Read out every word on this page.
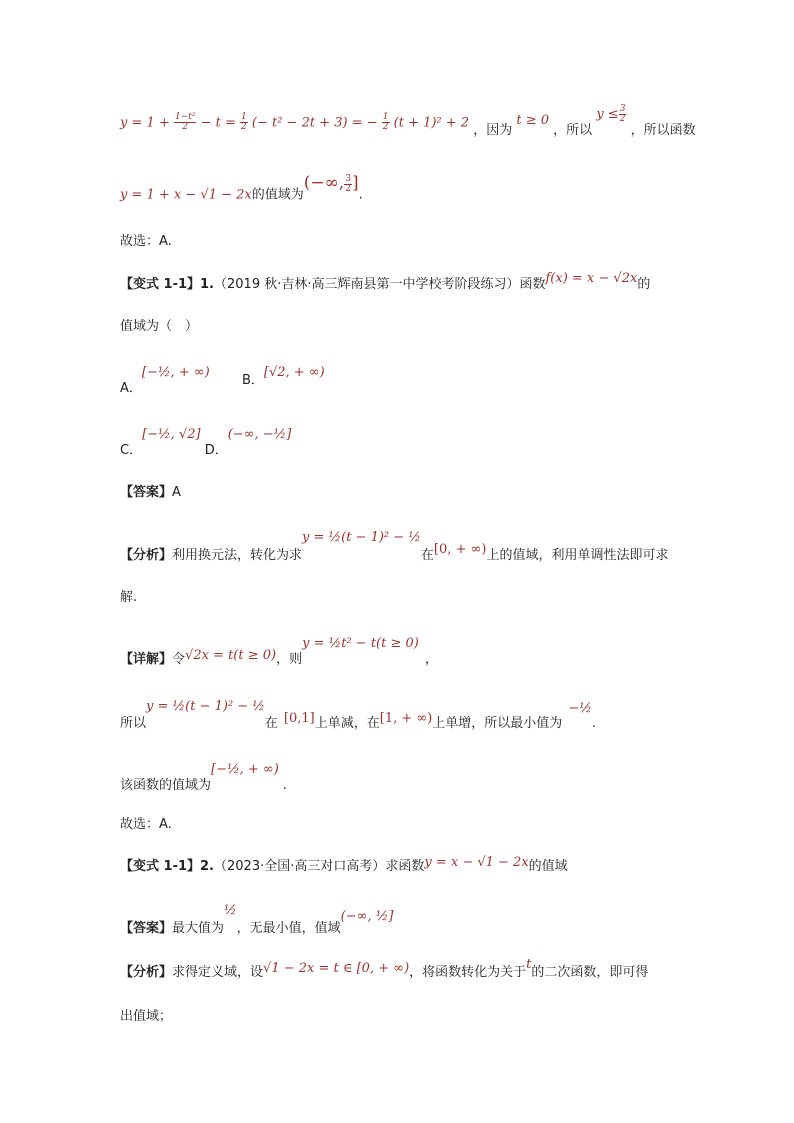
$y = 1 + \frac{\text{1−t²}}{2} - t = \frac{1}{2}$ (− t² − 2t + 3) = − $\frac{1}{2} (t + 1)^2 + 2$ ，因为 t ≥ 0 ，所以 $y \le \frac{3}{2}$
，所以函数
y = 1 + x − √1 − 2x的值域为(−∞, $\frac{3}{2}$ ].
故选：A.
【变式 1-1】1.（2019 秋·吉林·高三辉南县第一中学校考阶段练习）函数f(x) = x − √2x的
值域为（　）
A．[−½, + ∞)  B．[√2, + ∞)
C．[−½, √2] D．(−∞, −½]
【答案】A
【分析】利用换元法，转化为求y = ½(t − 1)² − ½在[0, + ∞)上的值域，利用单调性法即可求
解.
【详解】令√2x = t(t ≥ 0)，则y = ½t² − t(t ≥ 0)，
所以y = ½(t − 1)² − ½在 [0,1]上单减，在[1, + ∞)上单增，所以最小值为−½.
该函数的值域为[−½, + ∞).
故选：A.
【变式 1-1】2.（2023·全国·高三对口高考）求函数y = x − √1 − 2x的值域
【答案】最大值为½，无最小值，值域(−∞, ½]
【分析】求得定义域，设√1 − 2x = t ∈ [0, + ∞)，将函数转化为关于t的二次函数，即可得
出值域；
